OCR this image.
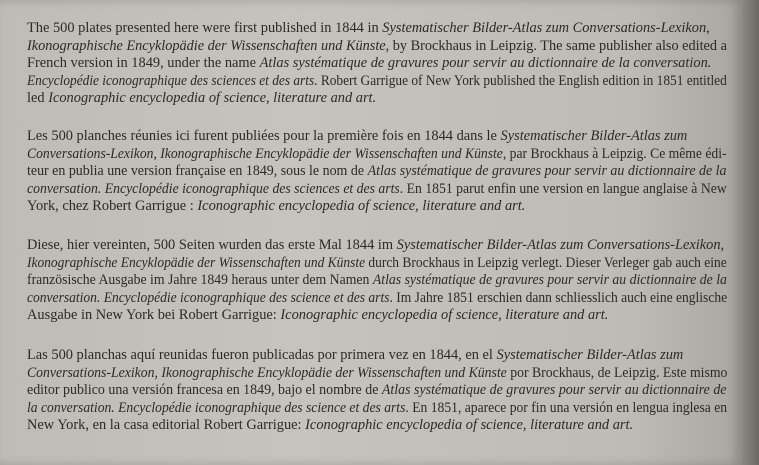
The 500 plates presented here were first published in 1844 in Systematischer Bilder-Atlas zum Conversations-Lexikon,
Ikonographische Encyklopädie der Wissenschaften und Künste, by Brockhaus in Leipzig. The same publisher also edited a
French version in 1849, under the name Atlas systématique de gravures pour servir au dictionnaire de la conversation.
Encyclopédie iconographique des sciences et des arts. Robert Garrigue of New York published the English edition in 1851 entitled
led Iconographic encyclopedia of science, literature and art.
Les 500 planches réunies ici furent publiées pour la première fois en 1844 dans le Systematischer Bilder-Atlas zum
Conversations-Lexikon, Ikonographische Encyklopädie der Wissenschaften und Künste, par Brockhaus à Leipzig. Ce même édi-
teur en publia une version française en 1849, sous le nom de Atlas systématique de gravures pour servir au dictionnaire de la
conversation. Encyclopédie iconographique des sciences et des arts. En 1851 parut enfin une version en langue anglaise à New
York, chez Robert Garrigue : Iconographic encyclopedia of science, literature and art.
Diese, hier vereinten, 500 Seiten wurden das erste Mal 1844 im Systematischer Bilder-Atlas zum Conversations-Lexikon,
Ikonographische Encyklopädie der Wissenschaften und Künste durch Brockhaus in Leipzig verlegt. Dieser Verleger gab auch eine
französische Ausgabe im Jahre 1849 heraus unter dem Namen Atlas systématique de gravures pour servir au dictionnaire de la
conversation. Encyclopédie iconographique des science et des arts. Im Jahre 1851 erschien dann schliesslich auch eine englische
Ausgabe in New York bei Robert Garrigue: Iconographic encyclopedia of science, literature and art.
Las 500 planchas aquí reunidas fueron publicadas por primera vez en 1844, en el Systematischer Bilder-Atlas zum
Conversations-Lexikon, Ikonographische Encyklopädie der Wissenschaften und Künste por Brockhaus, de Leipzig. Este mismo
editor publico una versión francesa en 1849, bajo el nombre de Atlas systématique de gravures pour servir au dictionnaire de
la conversation. Encyclopédie iconographique des science et des arts. En 1851, aparece por fin una versión en lengua inglesa en
New York, en la casa editorial Robert Garrigue: Iconographic encyclopedia of science, literature and art.
